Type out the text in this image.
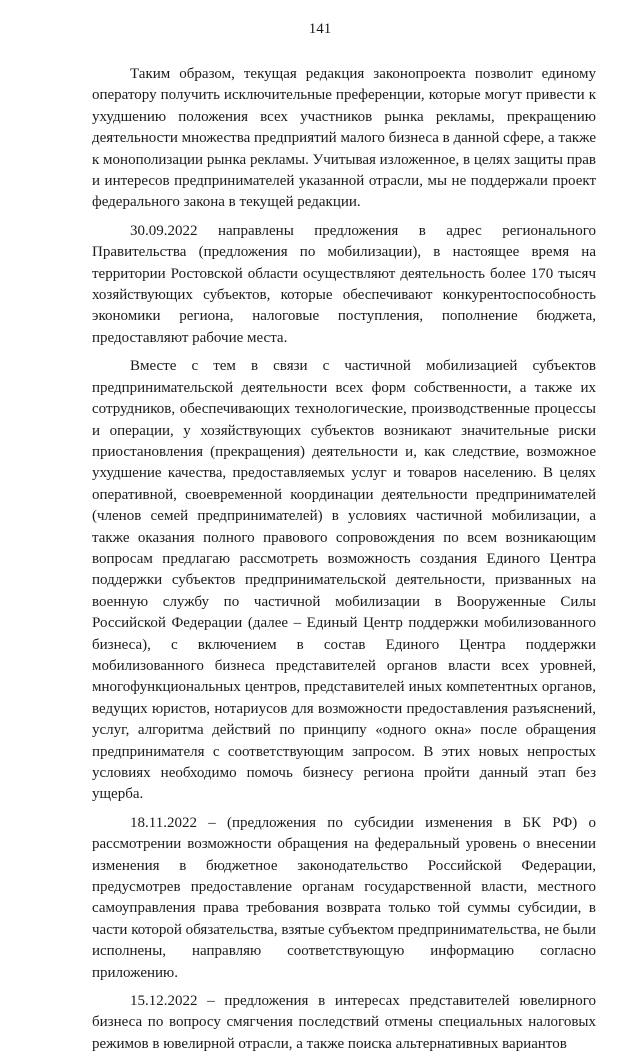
141

Таким образом, текущая редакция законопроекта позволит единому оператору получить исключительные преференции, которые могут привести к ухудшению положения всех участников рынка рекламы, прекращению деятельности множества предприятий малого бизнеса в данной сфере, а также к монополизации рынка рекламы. Учитывая изложенное, в целях защиты прав и интересов предпринимателей указанной отрасли, мы не поддержали проект федерального закона в текущей редакции.

30.09.2022 направлены предложения в адрес регионального Правительства (предложения по мобилизации), в настоящее время на территории Ростовской области осуществляют деятельность более 170 тысяч хозяйствующих субъектов, которые обеспечивают конкурентоспособность экономики региона, налоговые поступления, пополнение бюджета, предоставляют рабочие места.

Вместе с тем в связи с частичной мобилизацией субъектов предпринимательской деятельности всех форм собственности, а также их сотрудников, обеспечивающих технологические, производственные процессы и операции, у хозяйствующих субъектов возникают значительные риски приостановления (прекращения) деятельности и, как следствие, возможное ухудшение качества, предоставляемых услуг и товаров населению. В целях оперативной, своевременной координации деятельности предпринимателей (членов семей предпринимателей) в условиях частичной мобилизации, а также оказания полного правового сопровождения по всем возникающим вопросам предлагаю рассмотреть возможность создания Единого Центра поддержки субъектов предпринимательской деятельности, призванных на военную службу по частичной мобилизации в Вооруженные Силы Российской Федерации (далее – Единый Центр поддержки мобилизованного бизнеса), с включением в состав Единого Центра поддержки мобилизованного бизнеса представителей органов власти всех уровней, многофункциональных центров, представителей иных компетентных органов, ведущих юристов, нотариусов для возможности предоставления разъяснений, услуг, алгоритма действий по принципу «одного окна» после обращения предпринимателя с соответствующим запросом. В этих новых непростых условиях необходимо помочь бизнесу региона пройти данный этап без ущерба.

18.11.2022 – (предложения по субсидии изменения в БК РФ) о рассмотрении возможности обращения на федеральный уровень о внесении изменения в бюджетное законодательство Российской Федерации, предусмотрев предоставление органам государственной власти, местного самоуправления права требования возврата только той суммы субсидии, в части которой обязательства, взятые субъектом предпринимательства, не были исполнены, направляю соответствующую информацию согласно приложению.

15.12.2022 – предложения в интересах представителей ювелирного бизнеса по вопросу смягчения последствий отмены специальных налоговых режимов в ювелирной отрасли, а также поиска альтернативных вариантов
